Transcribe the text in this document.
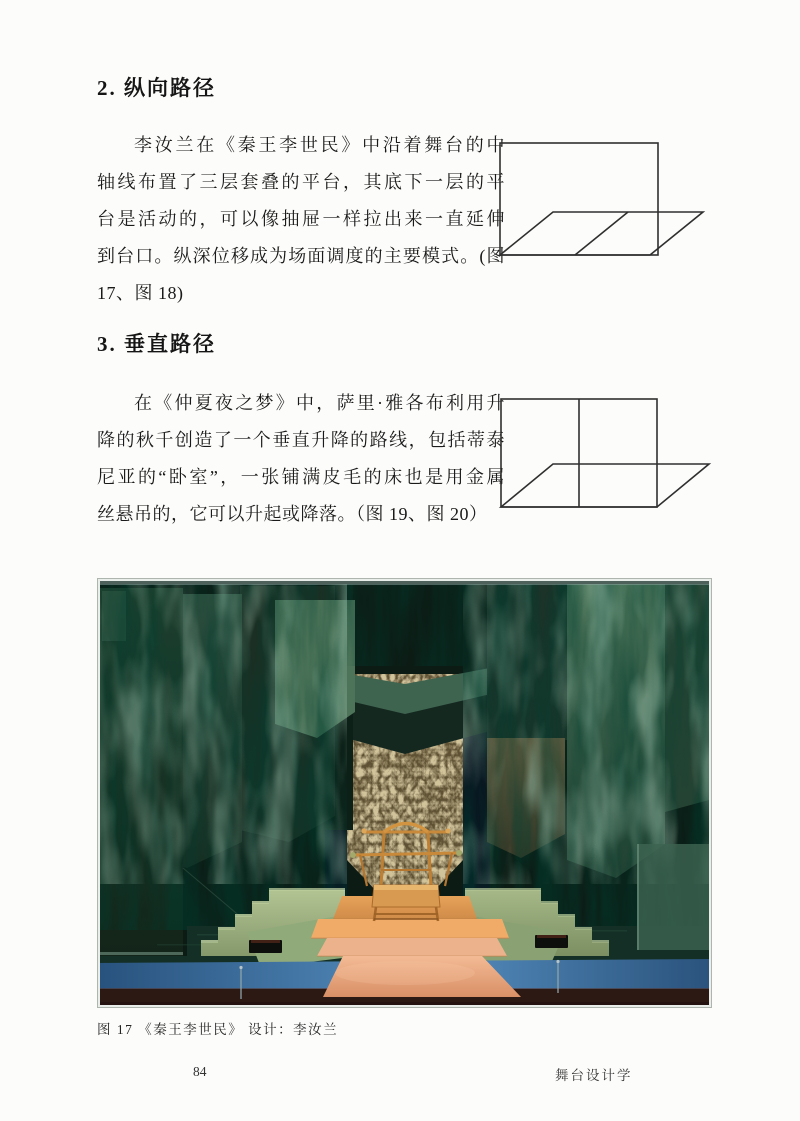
2. 纵向路径
李汝兰在《秦王李世民》中沿着舞台的中
轴线布置了三层套叠的平台，其底下一层的平
台是活动的，可以像抽屉一样拉出来一直延伸
到台口。纵深位移成为场面调度的主要模式。(图
17、图 18)
3. 垂直路径
在《仲夏夜之梦》中，萨里·雅各布利用升
降的秋千创造了一个垂直升降的路线，包括蒂泰
尼亚的“卧室”，一张铺满皮毛的床也是用金属
丝悬吊的，它可以升起或降落。（图 19、图 20）
图 17 《秦王李世民》 设计：李汝兰
84	舞台设计学
